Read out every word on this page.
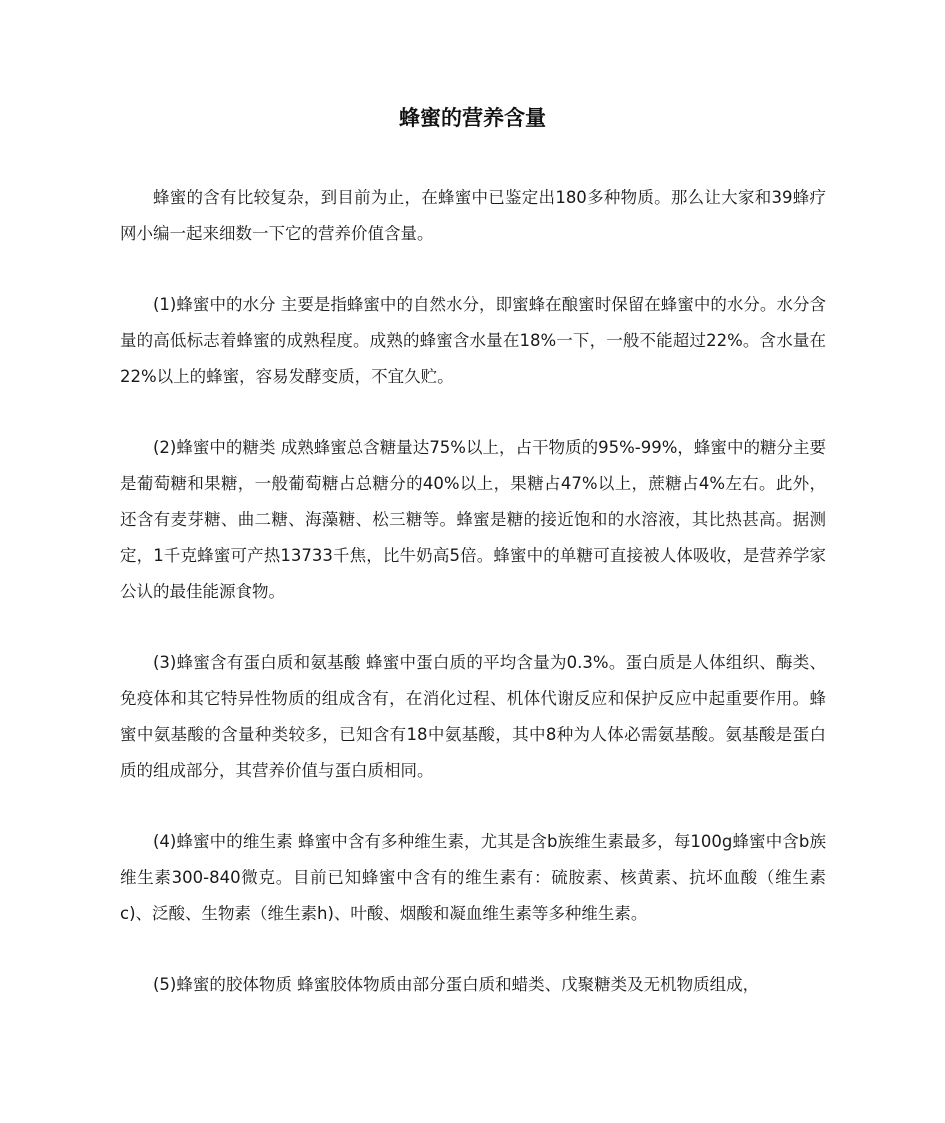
蜂蜜的营养含量

蜂蜜的含有比较复杂，到目前为止，在蜂蜜中已鉴定出180多种物质。那么让大家和39蜂疗网小编一起来细数一下它的营养价值含量。

(1)蜂蜜中的水分 主要是指蜂蜜中的自然水分，即蜜蜂在酿蜜时保留在蜂蜜中的水分。水分含量的高低标志着蜂蜜的成熟程度。成熟的蜂蜜含水量在18%一下，一般不能超过22%。含水量在22%以上的蜂蜜，容易发酵变质，不宜久贮。

(2)蜂蜜中的糖类 成熟蜂蜜总含糖量达75%以上，占干物质的95%-99%，蜂蜜中的糖分主要是葡萄糖和果糖，一般葡萄糖占总糖分的40%以上，果糖占47%以上，蔗糖占4%左右。此外，还含有麦芽糖、曲二糖、海藻糖、松三糖等。蜂蜜是糖的接近饱和的水溶液，其比热甚高。据测定，1千克蜂蜜可产热13733千焦，比牛奶高5倍。蜂蜜中的单糖可直接被人体吸收，是营养学家公认的最佳能源食物。

(3)蜂蜜含有蛋白质和氨基酸 蜂蜜中蛋白质的平均含量为0.3%。蛋白质是人体组织、酶类、免疫体和其它特异性物质的组成含有，在消化过程、机体代谢反应和保护反应中起重要作用。蜂蜜中氨基酸的含量种类较多，已知含有18中氨基酸，其中8种为人体必需氨基酸。氨基酸是蛋白质的组成部分，其营养价值与蛋白质相同。

(4)蜂蜜中的维生素 蜂蜜中含有多种维生素，尤其是含b族维生素最多，每100g蜂蜜中含b族维生素300-840微克。目前已知蜂蜜中含有的维生素有：硫胺素、核黄素、抗坏血酸（维生素c)、泛酸、生物素（维生素h)、叶酸、烟酸和凝血维生素等多种维生素。

(5)蜂蜜的胶体物质 蜂蜜胶体物质由部分蛋白质和蜡类、戊聚糖类及无机物质组成，
